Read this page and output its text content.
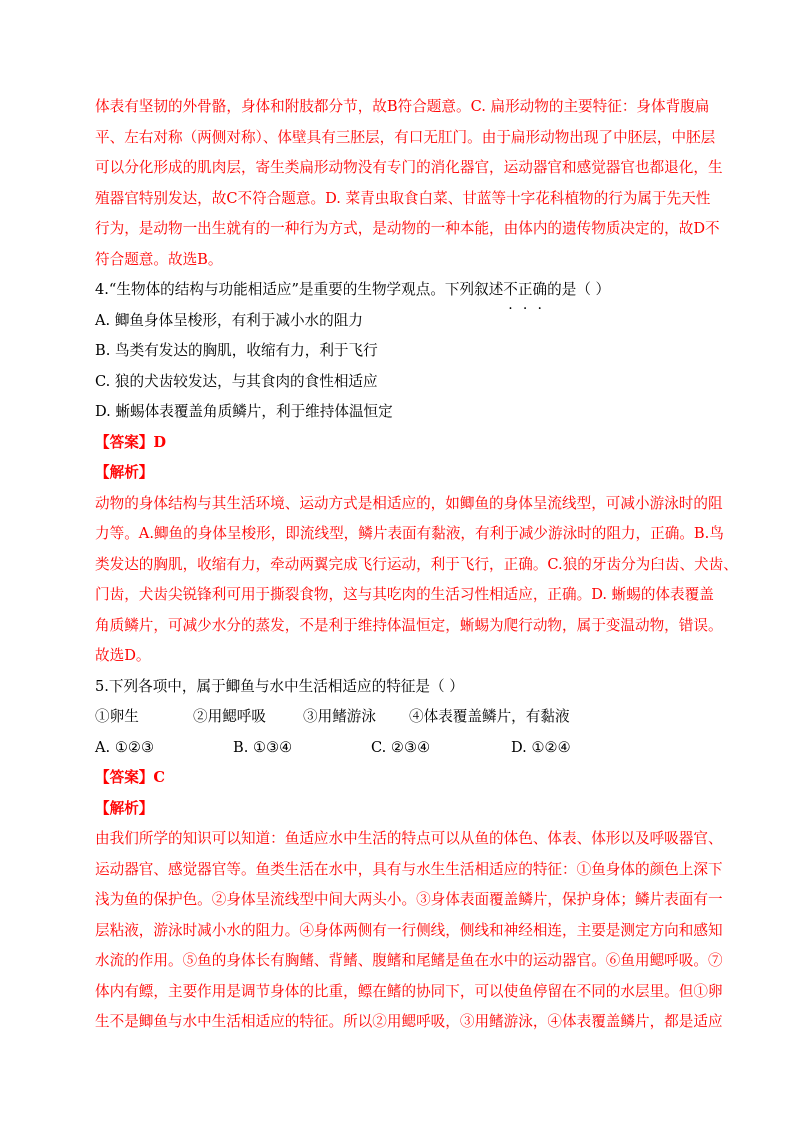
体表有坚韧的外骨骼，身体和附肢都分节，故B符合题意。C. 扁形动物的主要特征：身体背腹扁
平、左右对称（两侧对称）、体壁具有三胚层，有口无肛门。由于扁形动物出现了中胚层，中胚层
可以分化形成的肌肉层，寄生类扁形动物没有专门的消化器官，运动器官和感觉器官也都退化，生
殖器官特别发达，故C不符合题意。D. 菜青虫取食白菜、甘蓝等十字花科植物的行为属于先天性
行为，是动物一出生就有的一种行为方式，是动物的一种本能，由体内的遗传物质决定的，故D不
符合题意。故选B。

4.“生物体的结构与功能相适应”是重要的生物学观点。下列叙述不正确的是（ ）

A. 鲫鱼身体呈梭形，有利于减小水的阻力

B. 鸟类有发达的胸肌，收缩有力，利于飞行

C. 狼的犬齿较发达，与其食肉的食性相适应

D. 蜥蜴体表覆盖角质鳞片，利于维持体温恒定

【答案】D

【解析】

动物的身体结构与其生活环境、运动方式是相适应的，如鲫鱼的身体呈流线型，可减小游泳时的阻
力等。A.鲫鱼的身体呈梭形，即流线型，鳞片表面有黏液，有利于减少游泳时的阻力，正确。B.鸟
类发达的胸肌，收缩有力，牵动两翼完成飞行运动，利于飞行，正确。C.狼的牙齿分为臼齿、犬齿、
门齿，犬齿尖锐锋利可用于撕裂食物，这与其吃肉的生活习性相适应，正确。D. 蜥蜴的体表覆盖
角质鳞片，可减少水分的蒸发，不是利于维持体温恒定，蜥蜴为爬行动物，属于变温动物，错误。
故选D。

5.下列各项中，属于鲫鱼与水中生活相适应的特征是（ ）

①卵生	②用鳃呼吸	③用鳍游泳	④体表覆盖鳞片，有黏液
A. ①②③	B. ①③④	C. ②③④	D. ①②④

【答案】C

【解析】

由我们所学的知识可以知道：鱼适应水中生活的特点可以从鱼的体色、体表、体形以及呼吸器官、
运动器官、感觉器官等。鱼类生活在水中，具有与水生生活相适应的特征：①鱼身体的颜色上深下
浅为鱼的保护色。②身体呈流线型中间大两头小。③身体表面覆盖鳞片，保护身体；鳞片表面有一
层粘液，游泳时减小水的阻力。④身体两侧有一行侧线，侧线和神经相连，主要是测定方向和感知
水流的作用。⑤鱼的身体长有胸鳍、背鳍、腹鳍和尾鳍是鱼在水中的运动器官。⑥鱼用鳃呼吸。⑦
体内有鳔，主要作用是调节身体的比重，鳔在鳍的协同下，可以使鱼停留在不同的水层里。但①卵
生不是鲫鱼与水中生活相适应的特征。所以②用鳃呼吸，③用鳍游泳，④体表覆盖鳞片，都是适应
